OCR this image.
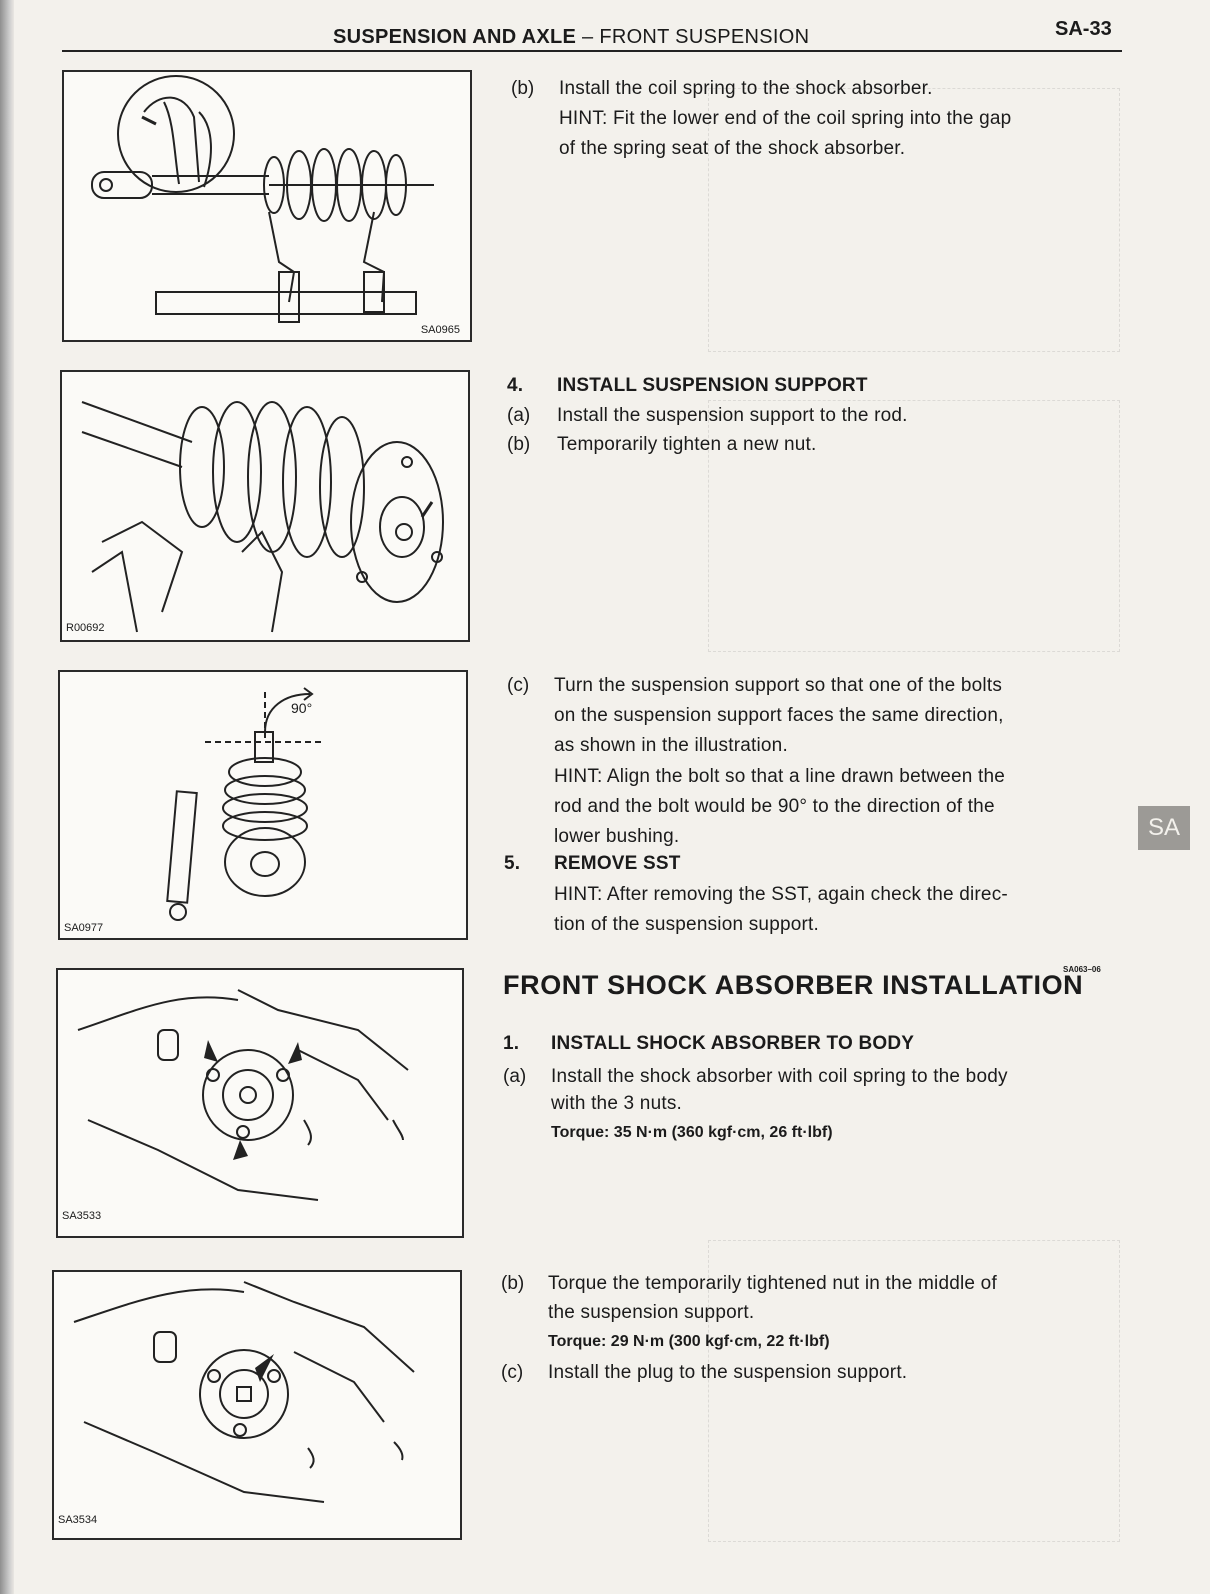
SUSPENSION AND AXLE – FRONT SUSPENSION	SA-33
SA
SA0965
(b) Install the coil spring to the shock absorber.
HINT: Fit the lower end of the coil spring into the gap
of the spring seat of the shock absorber.
R00692
4. INSTALL SUSPENSION SUPPORT
(a) Install the suspension support to the rod.
(b) Temporarily tighten a new nut.
90°
SA0977
(c) Turn the suspension support so that one of the bolts
on the suspension support faces the same direction,
as shown in the illustration.
HINT: Align the bolt so that a line drawn between the
rod and the bolt would be 90° to the direction of the
lower bushing.
5. REMOVE SST
HINT: After removing the SST, again check the direc-
tion of the suspension support.
SA3533
FRONT SHOCK ABSORBER INSTALLATION
SA063–06
1. INSTALL SHOCK ABSORBER TO BODY
(a) Install the shock absorber with coil spring to the body
with the 3 nuts.
Torque: 35 N·m (360 kgf·cm, 26 ft·lbf)
SA3534
(b) Torque the temporarily tightened nut in the middle of
the suspension support.
Torque: 29 N·m (300 kgf·cm, 22 ft·lbf)
(c) Install the plug to the suspension support.
